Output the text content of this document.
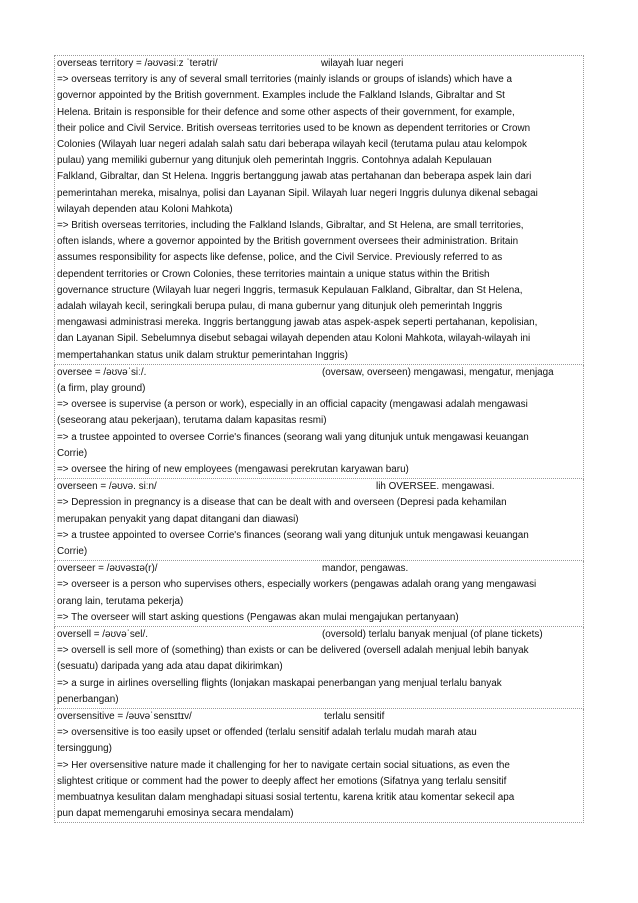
overseas territory = /əʊvəsiːz ˈterətri/	wilayah luar negeri
=> overseas territory is any of several small territories (mainly islands or groups of islands) which have a
governor appointed by the British government. Examples include the Falkland Islands, Gibraltar and St
Helena. Britain is responsible for their defence and some other aspects of their government, for example,
their police and Civil Service. British overseas territories used to be known as dependent territories or Crown
Colonies (Wilayah luar negeri adalah salah satu dari beberapa wilayah kecil (terutama pulau atau kelompok
pulau) yang memiliki gubernur yang ditunjuk oleh pemerintah Inggris. Contohnya adalah Kepulauan
Falkland, Gibraltar, dan St Helena. Inggris bertanggung jawab atas pertahanan dan beberapa aspek lain dari
pemerintahan mereka, misalnya, polisi dan Layanan Sipil. Wilayah luar negeri Inggris dulunya dikenal sebagai
wilayah dependen atau Koloni Mahkota)
=> British overseas territories, including the Falkland Islands, Gibraltar, and St Helena, are small territories,
often islands, where a governor appointed by the British government oversees their administration. Britain
assumes responsibility for aspects like defense, police, and the Civil Service. Previously referred to as
dependent territories or Crown Colonies, these territories maintain a unique status within the British
governance structure (Wilayah luar negeri Inggris, termasuk Kepulauan Falkland, Gibraltar, dan St Helena,
adalah wilayah kecil, seringkali berupa pulau, di mana gubernur yang ditunjuk oleh pemerintah Inggris
mengawasi administrasi mereka. Inggris bertanggung jawab atas aspek-aspek seperti pertahanan, kepolisian,
dan Layanan Sipil. Sebelumnya disebut sebagai wilayah dependen atau Koloni Mahkota, wilayah-wilayah ini
mempertahankan status unik dalam struktur pemerintahan Inggris)
oversee = /əʊvəˈsiː/.	(oversaw, overseen) mengawasi, mengatur, menjaga
(a firm, play ground)
=> oversee is supervise (a person or work), especially in an official capacity (mengawasi adalah mengawasi
(seseorang atau pekerjaan), terutama dalam kapasitas resmi)
=> a trustee appointed to oversee Corrie's finances (seorang wali yang ditunjuk untuk mengawasi keuangan
Corrie)
=> oversee the hiring of new employees (mengawasi perekrutan karyawan baru)
overseen = /əʊvə. siːn/	lih OVERSEE. mengawasi.
=> Depression in pregnancy is a disease that can be dealt with and overseen (Depresi pada kehamilan
merupakan penyakit yang dapat ditangani dan diawasi)
=> a trustee appointed to oversee Corrie's finances (seorang wali yang ditunjuk untuk mengawasi keuangan
Corrie)
overseer = /əʊvəsɪə(r)/	mandor, pengawas.
=> overseer is a person who supervises others, especially workers (pengawas adalah orang yang mengawasi
orang lain, terutama pekerja)
=> The overseer will start asking questions (Pengawas akan mulai mengajukan pertanyaan)
oversell = /əʊvəˈsel/.	(oversold) terlalu banyak menjual (of plane tickets)
=> oversell is sell more of (something) than exists or can be delivered (oversell adalah menjual lebih banyak
(sesuatu) daripada yang ada atau dapat dikirimkan)
=> a surge in airlines overselling flights (lonjakan maskapai penerbangan yang menjual terlalu banyak
penerbangan)
oversensitive = /əʊvəˈsensɪtɪv/	terlalu sensitif
=> oversensitive is too easily upset or offended (terlalu sensitif adalah terlalu mudah marah atau
tersinggung)
=> Her oversensitive nature made it challenging for her to navigate certain social situations, as even the
slightest critique or comment had the power to deeply affect her emotions (Sifatnya yang terlalu sensitif
membuatnya kesulitan dalam menghadapi situasi sosial tertentu, karena kritik atau komentar sekecil apa
pun dapat memengaruhi emosinya secara mendalam)
